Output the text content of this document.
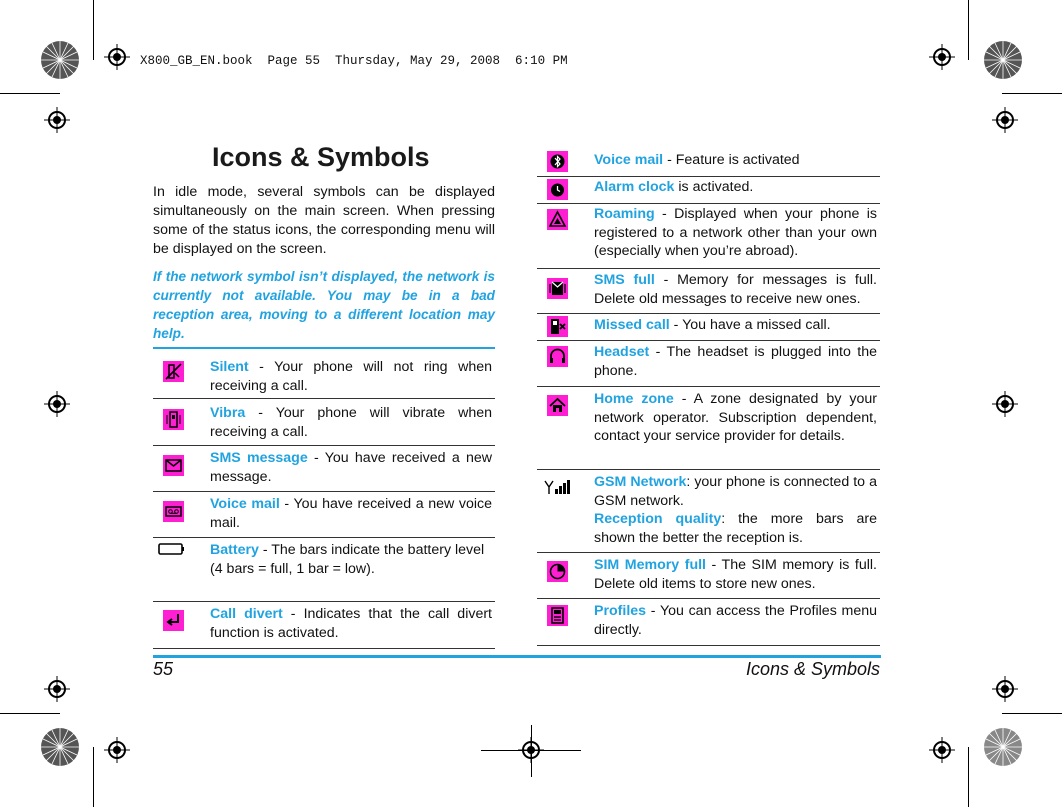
X800_GB_EN.book  Page 55  Thursday, May 29, 2008  6:10 PM
Icons & Symbols
In idle mode, several symbols can be displayed simultaneously on the main screen. When pressing some of the status icons, the corresponding menu will be displayed on the screen.
If the network symbol isn’t displayed, the network is currently not available. You may be in a bad reception area, moving to a different location may help.
Silent - Your phone will not ring when receiving a call.
Vibra - Your phone will vibrate when receiving a call.
SMS message - You have received a new message.
Voice mail - You have received a new voice mail.
Battery - The bars indicate the battery level
(4 bars = full, 1 bar = low).
Call divert - Indicates that the call divert function is activated.
Voice mail - Feature is activated
Alarm clock is activated.
Roaming - Displayed when your phone is registered to a network other than your own (especially when you’re abroad).
SMS full - Memory for messages is full. Delete old messages to receive new ones.
Missed call - You have a missed call.
Headset - The headset is plugged into the phone.
Home zone - A zone designated by your network operator. Subscription dependent, contact your service provider for details.
GSM Network: your phone is connected to a GSM network.
Reception quality: the more bars are shown the better the reception is.
SIM Memory full - The SIM memory is full. Delete old items to store new ones.
Profiles - You can access the Profiles menu directly.
55	Icons & Symbols
